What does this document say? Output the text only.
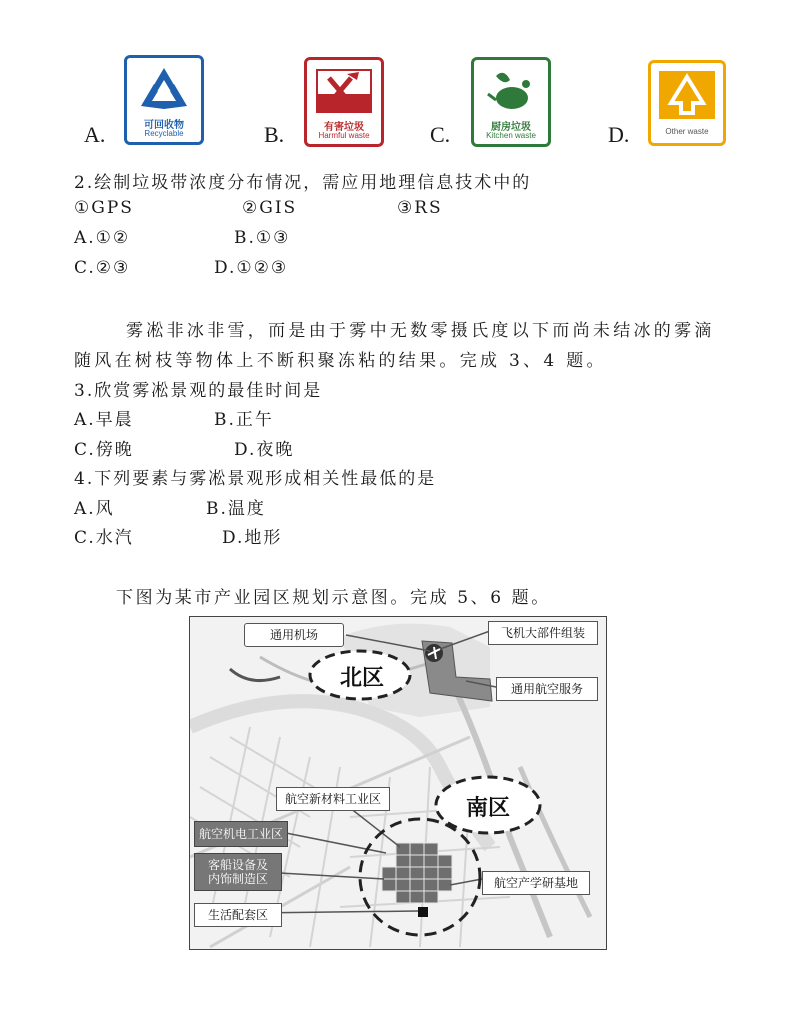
A.	可回收物
Recyclable	B.	有害垃圾
Harmful waste	C.	厨房垃圾
Kitchen waste	D.	Other waste
2.绘制垃圾带浓度分布情况，需应用地理信息技术中的
①GPS	②GIS	③RS
A.①②	B.①③
C.②③	D.①②③
雾凇非冰非雪，而是由于雾中无数零摄氏度以下而尚未结冰的雾滴
随风在树枝等物体上不断积聚冻粘的结果。完成 3、4 题。
3.欣赏雾凇景观的最佳时间是
A.早晨	B.正午
C.傍晚	D.夜晚
4.下列要素与雾凇景观形成相关性最低的是
A.风	B.温度
C.水汽	D.地形
下图为某市产业园区规划示意图。完成 5、6 题。
北区
南区
通用机场	飞机大部件组装
通用航空服务
航空新材料工业区
航空机电工业区
客船设备及
内饰制造区
生活配套区
航空产学研基地
